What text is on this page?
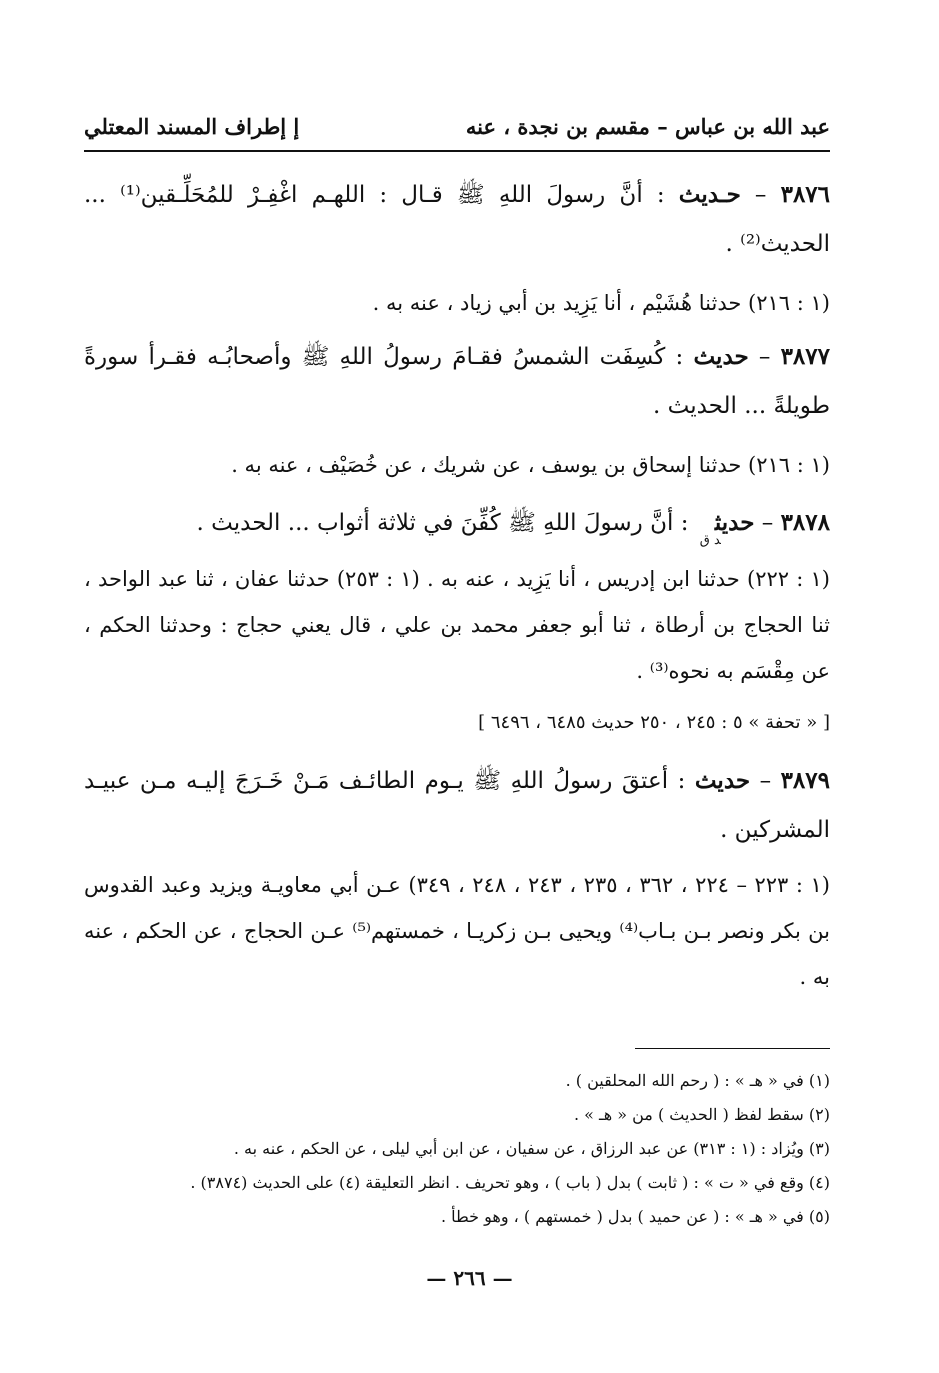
عبد الله بن عباس – مقسم بن نجدة ، عنه
إ إطراف المسند المعتلي
٣٨٧٦ – حـديث : أنَّ رسولَ اللهِ ﷺ قـال : اللهـم اغْفِـرْ للمُحَلِّـقين⁽¹⁾ ... الحديث⁽²⁾ .
(١ : ٢١٦) حدثنا هُشَيْم ، أنا يَزِيد بن أبي زياد ، عنه به .
٣٨٧٧ – حديث : كُسِفَت الشمسُ فقـامَ رسولُ اللهِ ﷺ وأصحابُـه فقـرأ سورةً طويلةً ... الحديث .
(١ : ٢١٦) حدثنا إسحاق بن يوسف ، عن شريك ، عن خُصَيْف ، عنه به .
٣٨٧٨ – حديث$_{د ق}$ : أنَّ رسولَ اللهِ ﷺ كُفِّنَ في ثلاثة أثواب ... الحديث .
(١ : ٢٢٢) حدثنا ابن إدريس ، أنا يَزِيد ، عنه به . (١ : ٢٥٣) حدثنا عفان ، ثنا عبد الواحد ، ثنا الحجاج بن أرطاة ، ثنا أبو جعفر محمد بن علي ، قال يعني حجاج : وحدثنا الحكم ، عن مِقْسَم به نحوه⁽³⁾ .
[ « تحفة » ٥ : ٢٤٥ ، ٢٥٠ حديث ٦٤٨٥ ، ٦٤٩٦ ]
٣٨٧٩ – حديث : أعتقَ رسولُ اللهِ ﷺ يـوم الطائـف مَـنْ خَـرَجَ إليـه مـن عبيـد المشركين .
(١ : ٢٢٣ – ٢٢٤ ، ٣٦٢ ، ٢٣٥ ، ٢٤٣ ، ٢٤٨ ، ٣٤٩) عـن أبي معاويـة ويزيد وعبد القدوس بن بكر ونصر بـن بـاب⁽⁴⁾ ويحيى بـن زكريـا ، خمستهم⁽⁵⁾ عـن الحجاج ، عن الحكم ، عنه به .
(١) في « هـ » : ( رحم الله المحلقين ) .
(٢) سقط لفظ ( الحديث ) من « هـ » .
(٣) ويُزاد : (١ : ٣١٣) عن عبد الرزاق ، عن سفيان ، عن ابن أبي ليلى ، عن الحكم ، عنه به .
(٤) وقع في « ت » : ( ثابت ) بدل ( باب ) ، وهو تحريف . انظر التعليقة (٤) على الحديث (٣٨٧٤) .
(٥) في « هـ » : ( عن حميد ) بدل ( خمستهم ) ، وهو خطأ .
— ٢٦٦ —
